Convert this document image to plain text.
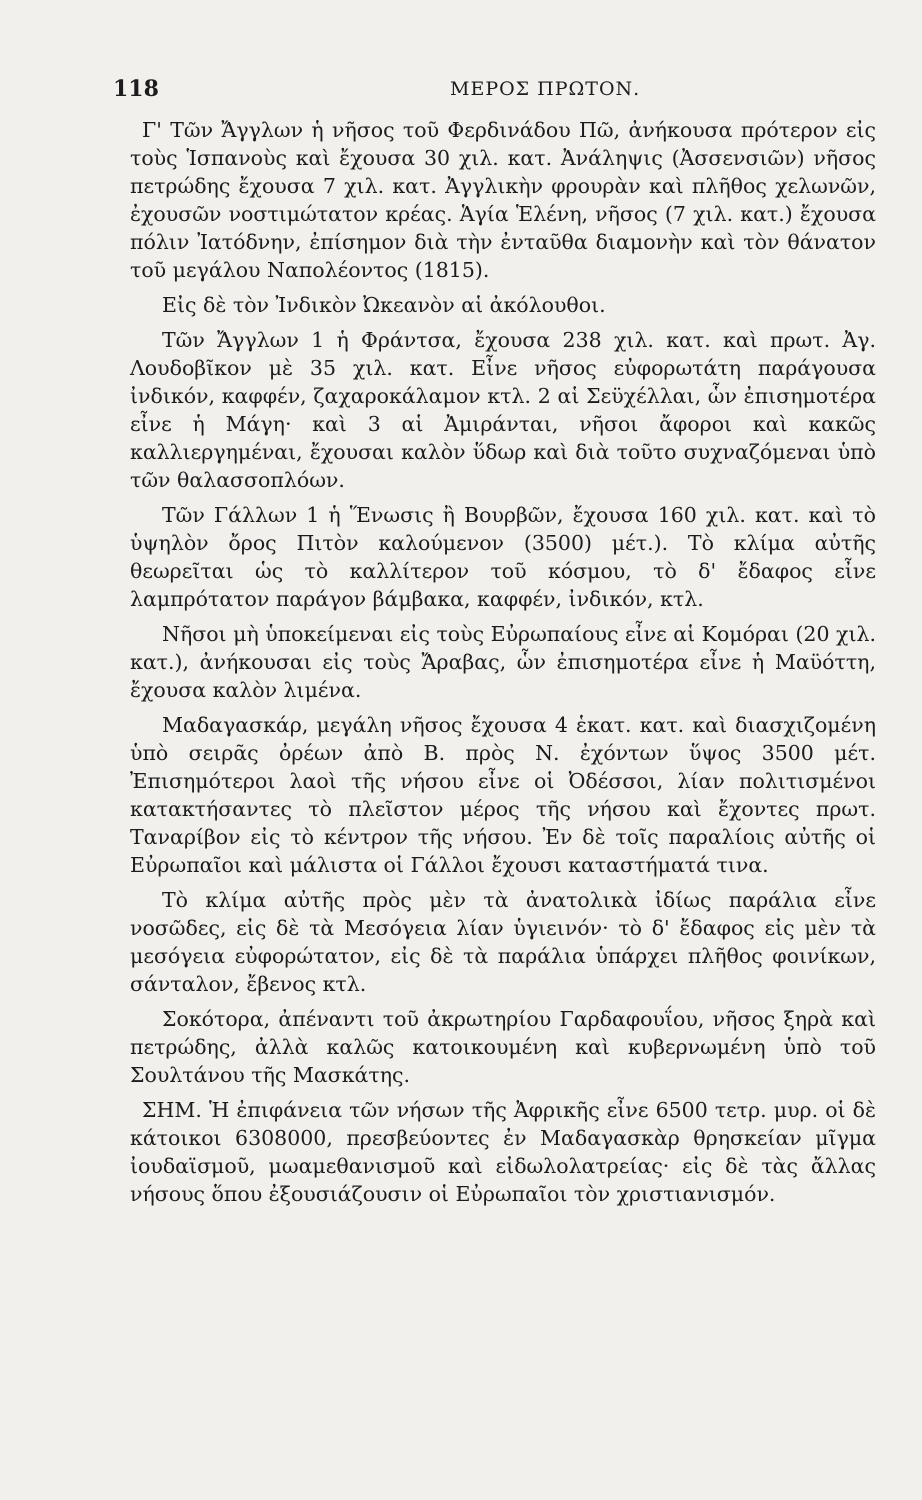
118	ΜΕΡΟΣ ΠΡΩΤΟΝ.

Γ' Τῶν Ἄγγλων ἡ νῆσος τοῦ Φερδινάδου Πῶ, ἀνήκουσα πρότερον εἰς τοὺς Ἱσπανοὺς καὶ ἔχουσα 30 χιλ. κατ. Ἀνάληψις (Ἀσσενσιῶν) νῆσος πετρώδης ἔχουσα 7 χιλ. κατ. Ἀγγλικὴν φρουρὰν καὶ πλῆθος χελωνῶν, ἐχουσῶν νοστιμώτατον κρέας. Ἁγία Ἑλένη, νῆσος (7 χιλ. κατ.) ἔχουσα πόλιν Ἰατόδνην, ἐπίσημον διὰ τὴν ἐνταῦθα διαμονὴν καὶ τὸν θάνατον τοῦ μεγάλου Ναπολέοντος (1815).

Εἰς δὲ τὸν Ἰνδικὸν Ὠκεανὸν αἱ ἀκόλουθοι.

Τῶν Ἄγγλων 1 ἡ Φράντσα, ἔχουσα 238 χιλ. κατ. καὶ πρωτ. Ἀγ. Λουδοβῖκον μὲ 35 χιλ. κατ. Εἶνε νῆσος εὐφορωτάτη παράγουσα ἰνδικόν, καφφέν, ζαχαροκάλαμον κτλ. 2 αἱ Σεϋχέλλαι, ὧν ἐπισημοτέρα εἶνε ἡ Μάγη· καὶ 3 αἱ Ἀμιράνται, νῆσοι ἄφοροι καὶ κακῶς καλλιεργημέναι, ἔχουσαι καλὸν ὕδωρ καὶ διὰ τοῦτο συχναζόμεναι ὑπὸ τῶν θαλασσοπλόων.

Τῶν Γάλλων 1 ἡ Ἕνωσις ἢ Βουρβῶν, ἔχουσα 160 χιλ. κατ. καὶ τὸ ὑψηλὸν ὄρος Πιτὸν καλούμενον (3500) μέτ.). Τὸ κλίμα αὐτῆς θεωρεῖται ὡς τὸ καλλίτερον τοῦ κόσμου, τὸ δ' ἔδαφος εἶνε λαμπρότατον παράγον βάμβακα, καφφέν, ἰνδικόν, κτλ.

Νῆσοι μὴ ὑποκείμεναι εἰς τοὺς Εὐρωπαίους εἶνε αἱ Κομόραι (20 χιλ. κατ.), ἀνήκουσαι εἰς τοὺς Ἄραβας, ὧν ἐπισημοτέρα εἶνε ἡ Μαϋόττη, ἔχουσα καλὸν λιμένα.

Μαδαγασκάρ, μεγάλη νῆσος ἔχουσα 4 ἑκατ. κατ. καὶ διασχιζομένη ὑπὸ σειρᾶς ὀρέων ἀπὸ Β. πρὸς Ν. ἐχόντων ὕψος 3500 μέτ. Ἐπισημότεροι λαοὶ τῆς νήσου εἶνε οἱ Ὀδέσσοι, λίαν πολιτισμένοι κατακτήσαντες τὸ πλεῖστον μέρος τῆς νήσου καὶ ἔχοντες πρωτ. Ταναρίβον εἰς τὸ κέντρον τῆς νήσου. Ἐν δὲ τοῖς παραλίοις αὐτῆς οἱ Εὐρωπαῖοι καὶ μάλιστα οἱ Γάλλοι ἔχουσι καταστήματά τινα.

Τὸ κλίμα αὐτῆς πρὸς μὲν τὰ ἀνατολικὰ ἰδίως παράλια εἶνε νοσῶδες, εἰς δὲ τὰ Μεσόγεια λίαν ὑγιεινόν· τὸ δ' ἔδαφος εἰς μὲν τὰ μεσόγεια εὐφορώτατον, εἰς δὲ τὰ παράλια ὑπάρχει πλῆθος φοινίκων, σάνταλον, ἔβενος κτλ.

Σοκότορα, ἀπέναντι τοῦ ἀκρωτηρίου Γαρδαφουΐου, νῆσος ξηρὰ καὶ πετρώδης, ἀλλὰ καλῶς κατοικουμένη καὶ κυβερνωμένη ὑπὸ τοῦ Σουλτάνου τῆς Μασκάτης.

ΣΗΜ. Ἡ ἐπιφάνεια τῶν νήσων τῆς Ἀφρικῆς εἶνε 6500 τετρ. μυρ. οἱ δὲ κάτοικοι 6308000, πρεσβεύοντες ἐν Μαδαγασκὰρ θρησκείαν μῖγμα ἰουδαϊσμοῦ, μωαμεθανισμοῦ καὶ εἰδωλολατρείας· εἰς δὲ τὰς ἄλλας νήσους ὅπου ἐξουσιάζουσιν οἱ Εὐρωπαῖοι τὸν χριστιανισμόν.
